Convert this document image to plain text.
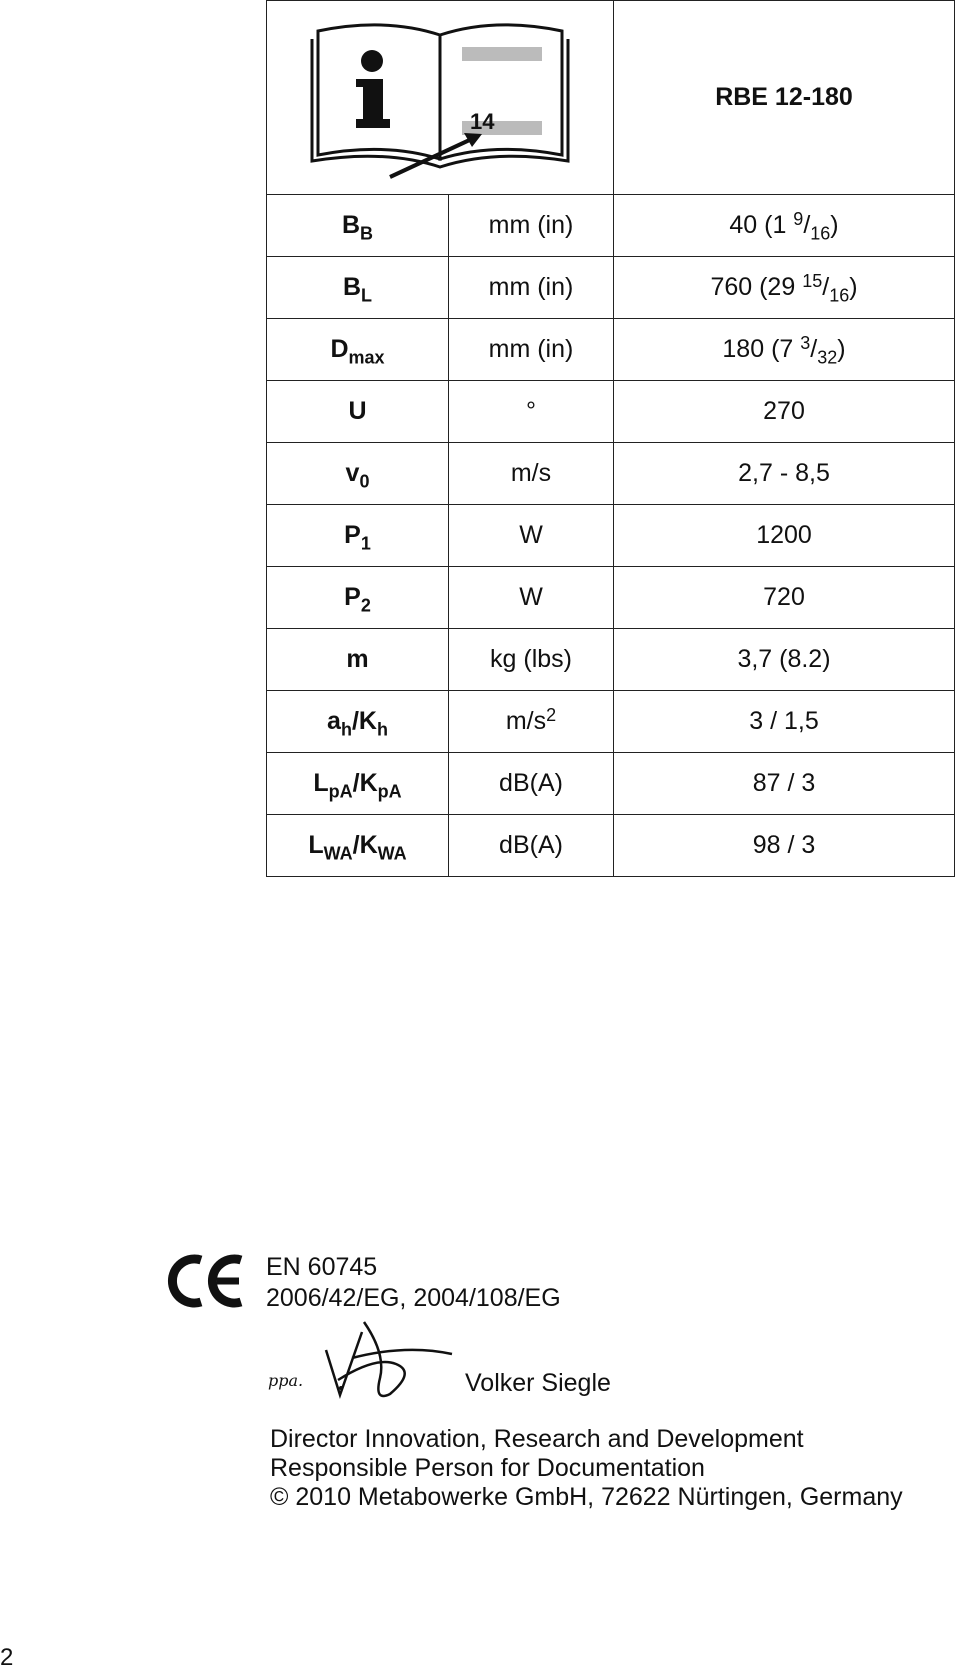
14		RBE 12-180
$B_B$	mm (in)	40 (1 $^9/_{16}$)
$B_L$	mm (in)	760 (29 $^{15}/_{16}$)
$D_{max}$	mm (in)	180 (7 $^3/_{32}$)
U	°	270
$v_0$	m/s	2,7 - 8,5
$P_1$	W	1200
$P_2$	W	720
m	kg (lbs)	3,7 (8.2)
$a_h/K_h$	$m/s^2$	3 / 1,5
$L_{pA}/K_{pA}$	dB(A)	87 / 3
$L_{WA}/K_{WA}$	dB(A)	98 / 3
EN 60745
2006/42/EG, 2004/108/EG
ppa.	Volker Siegle
Director Innovation, Research and Development
Responsible Person for Documentation
© 2010 Metabowerke GmbH, 72622 Nürtingen, Germany
2
